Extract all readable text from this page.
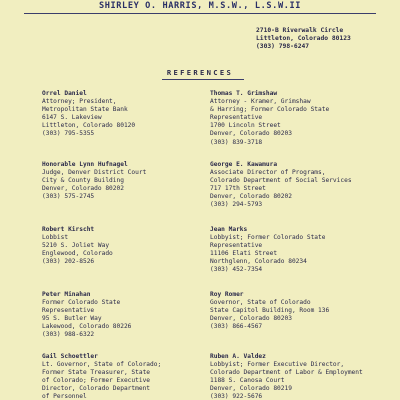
SHIRLEY O. HARRIS, M.S.W., L.S.W.II
2710-B Riverwalk Circle
Littleton, Colorado 80123
(303) 798-6247
REFERENCES
Orrel Daniel
Attorney; President,
Metropolitan State Bank
6147 S. Lakeview
Littleton, Colorado 80120
(303) 795-5355
Thomas T. Grimshaw
Attorney - Kramer, Grimshaw
& Harring; Former Colorado State
Representative
1700 Lincoln Street
Denver, Colorado 80203
(303) 839-3718
Honorable Lynn Hufnagel
Judge, Denver District Court
City & County Building
Denver, Colorado 80202
(303) 575-2745
George E. Kawamura
Associate Director of Programs,
Colorado Department of Social Services
717 17th Street
Denver, Colorado 80202
(303) 294-5793
Robert Kirscht
Lobbist
5210 S. Joliet Way
Englewood, Colorado
(303) 202-8526
Jean Marks
Lobbyist; Former Colorado State
Representative
11106 Elati Street
Northglenn, Colorado 80234
(303) 452-7354
Peter Minahan
Former Colorado State
Representative
95 S. Butler Way
Lakewood, Colorado 80226
(303) 988-6322
Roy Romer
Governor, State of Colorado
State Capitol Building, Room 136
Denver, Colorado 80203
(303) 866-4567
Gail Schoettler
Lt. Governor, State of Colorado;
Former State Treasurer, State
of Colorado; Former Executive
Director, Colorado Department
of Personnel
Ruben A. Valdez
Lobbyist; Former Executive Director,
Colorado Department of Labor & Employment
1188 S. Canosa Court
Denver, Colorado 80219
(303) 922-5676
